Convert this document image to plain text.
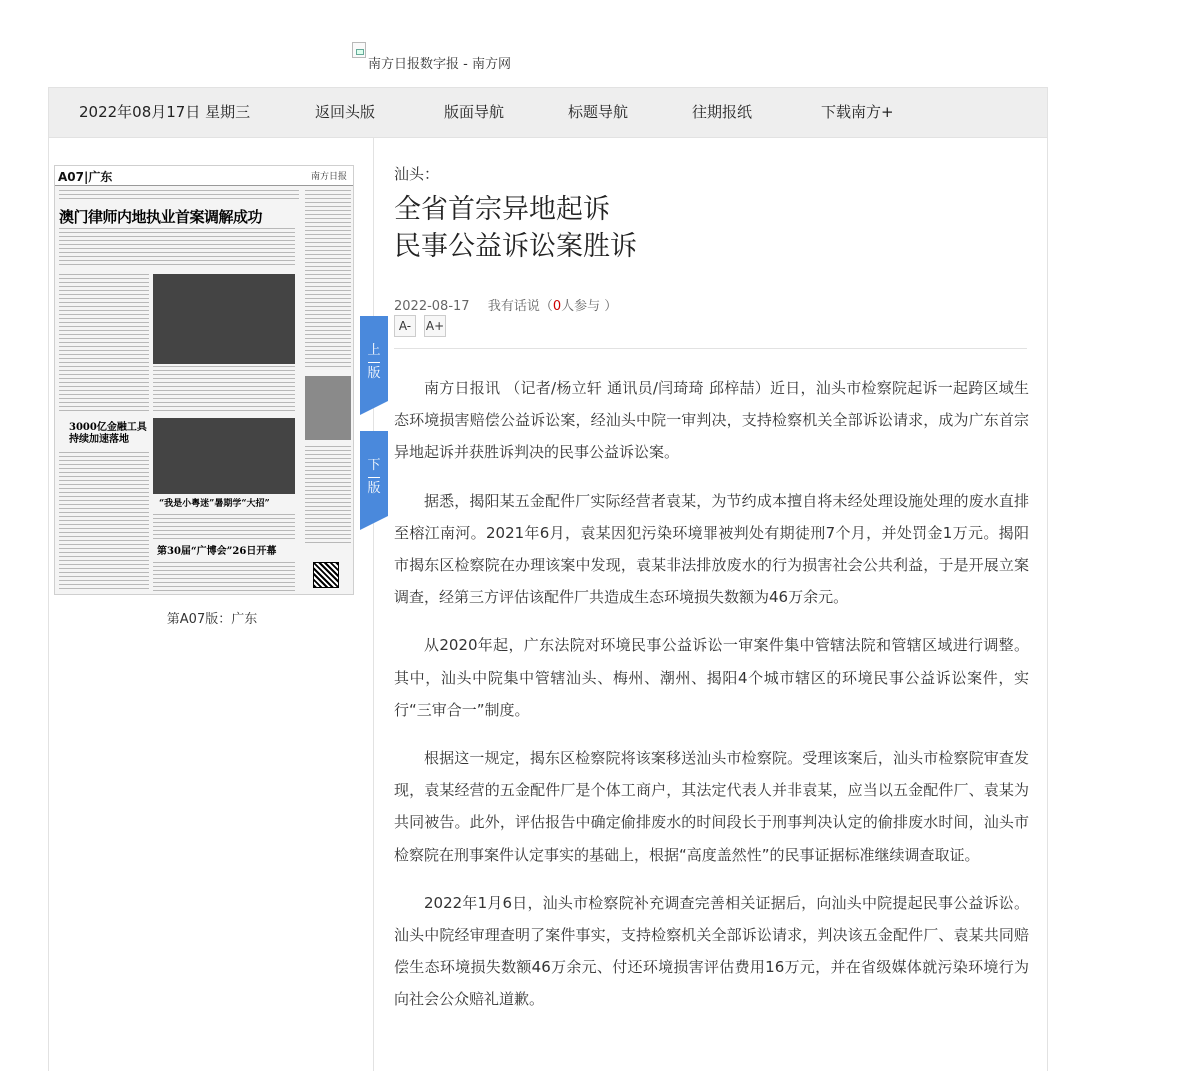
南方日报数字报 - 南方网
2022年08月17日 星期三	返回头版	版面导航	标题导航	往期报纸	下载南方+
A07|广东	南方日报
澳门律师内地执业首案调解成功
3000亿金融工具
持续加速落地
“我是小粤迷”暑期学“大招”
第30届“广博会”26日开幕
第A07版：广东
上
版
下
版
汕头：
全省首宗异地起诉
民事公益诉讼案胜诉
2022-08-17 我有话说（0人参与 ）
A-	A+

南方日报讯 （记者/杨立轩 通讯员/闫琦琦 邱梓喆）近日，汕头市检察院起诉一起跨区域生态环境损害赔偿公益诉讼案，经汕头中院一审判决，支持检察机关全部诉讼请求，成为广东首宗异地起诉并获胜诉判决的民事公益诉讼案。

据悉，揭阳某五金配件厂实际经营者袁某，为节约成本擅自将未经处理设施处理的废水直排至榕江南河。2021年6月，袁某因犯污染环境罪被判处有期徒刑7个月，并处罚金1万元。揭阳市揭东区检察院在办理该案中发现，袁某非法排放废水的行为损害社会公共利益，于是开展立案调查，经第三方评估该配件厂共造成生态环境损失数额为46万余元。

从2020年起，广东法院对环境民事公益诉讼一审案件集中管辖法院和管辖区域进行调整。其中，汕头中院集中管辖汕头、梅州、潮州、揭阳4个城市辖区的环境民事公益诉讼案件，实行“三审合一”制度。

根据这一规定，揭东区检察院将该案移送汕头市检察院。受理该案后，汕头市检察院审查发现，袁某经营的五金配件厂是个体工商户，其法定代表人并非袁某，应当以五金配件厂、袁某为共同被告。此外，评估报告中确定偷排废水的时间段长于刑事判决认定的偷排废水时间，汕头市检察院在刑事案件认定事实的基础上，根据“高度盖然性”的民事证据标准继续调查取证。

2022年1月6日，汕头市检察院补充调查完善相关证据后，向汕头中院提起民事公益诉讼。汕头中院经审理查明了案件事实，支持检察机关全部诉讼请求，判决该五金配件厂、袁某共同赔偿生态环境损失数额46万余元、付还环境损害评估费用16万元，并在省级媒体就污染环境行为向社会公众赔礼道歉。
